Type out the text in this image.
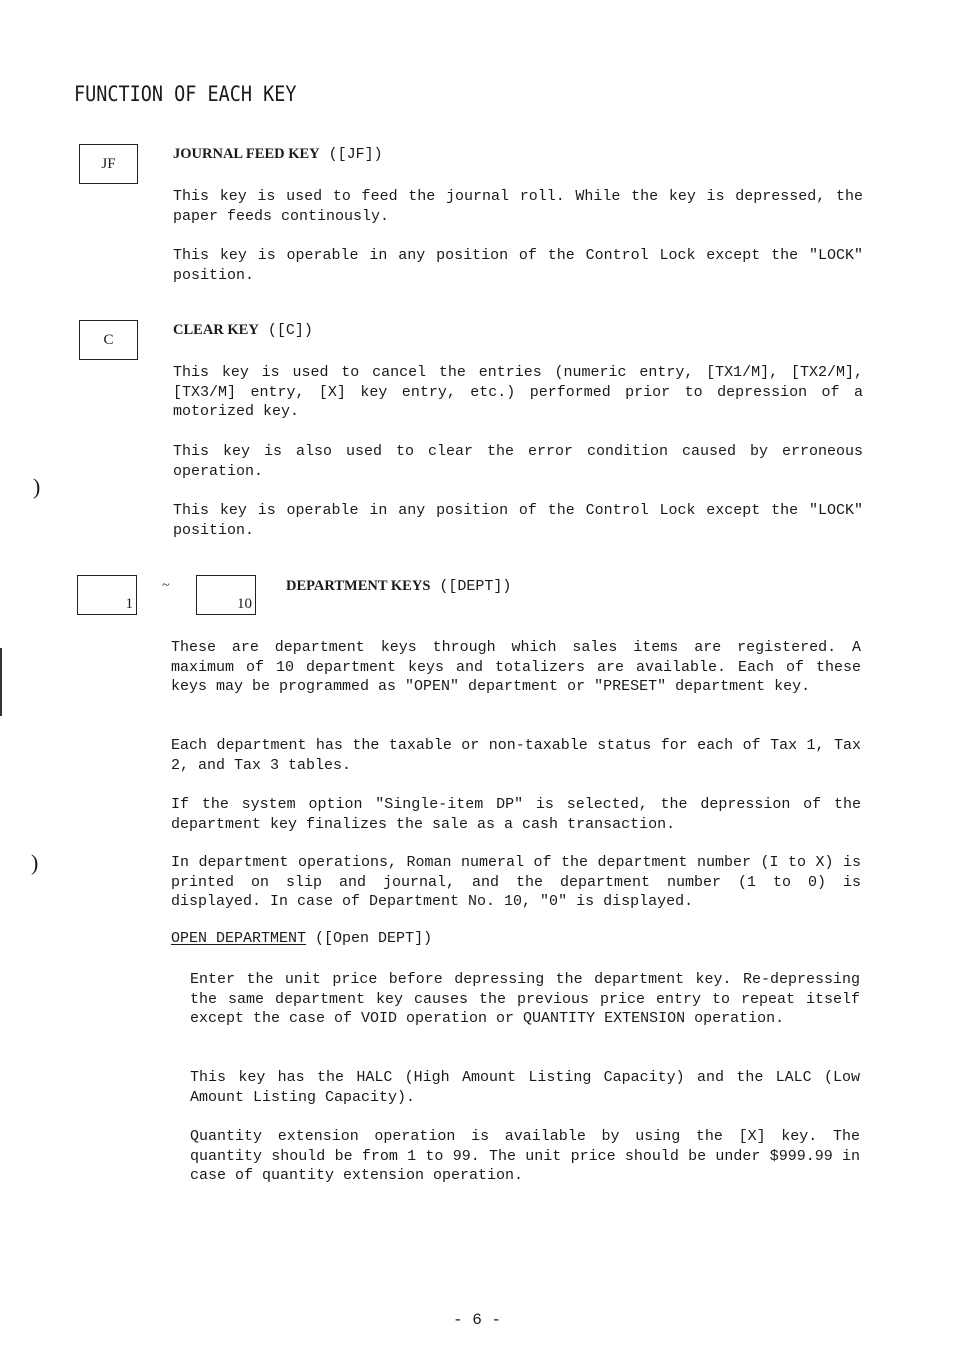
FUNCTION OF EACH KEY
JF
JOURNAL FEED KEY ([JF])
This key is used to feed the journal roll. While the key is depressed, the paper feeds continously.
This key is operable in any position of the Control Lock except the "LOCK" position.
C
CLEAR KEY ([C])
This key is used to cancel the entries (numeric entry, [TX1/M], [TX2/M], [TX3/M] entry, [X] key entry, etc.) performed prior to depression of a motorized key.
This key is also used to clear the error condition caused by erroneous operation.
This key is operable in any position of the Control Lock except the "LOCK" position.
)
1
~
10
DEPARTMENT KEYS ([DEPT])
These are department keys through which sales items are registered. A maximum of 10 department keys and totalizers are available. Each of these keys may be programmed as "OPEN" department or "PRESET" department key.
Each department has the taxable or non-taxable status for each of Tax 1, Tax 2, and Tax 3 tables.
If the system option "Single-item DP" is selected, the depression of the department key finalizes the sale as a cash transaction.
In department operations, Roman numeral of the department number (I to X) is printed on slip and journal, and the department number (1 to 0) is displayed. In case of Department No. 10, "0" is displayed.
)
OPEN DEPARTMENT ([Open DEPT])
Enter the unit price before depressing the department key. Re-depressing the same department key causes the previous price entry to repeat itself except the case of VOID operation or QUANTITY EXTENSION operation.
This key has the HALC (High Amount Listing Capacity) and the LALC (Low Amount Listing Capacity).
Quantity extension operation is available by using the [X] key. The quantity should be from 1 to 99. The unit price should be under $999.99 in case of quantity extension operation.
- 6 -
